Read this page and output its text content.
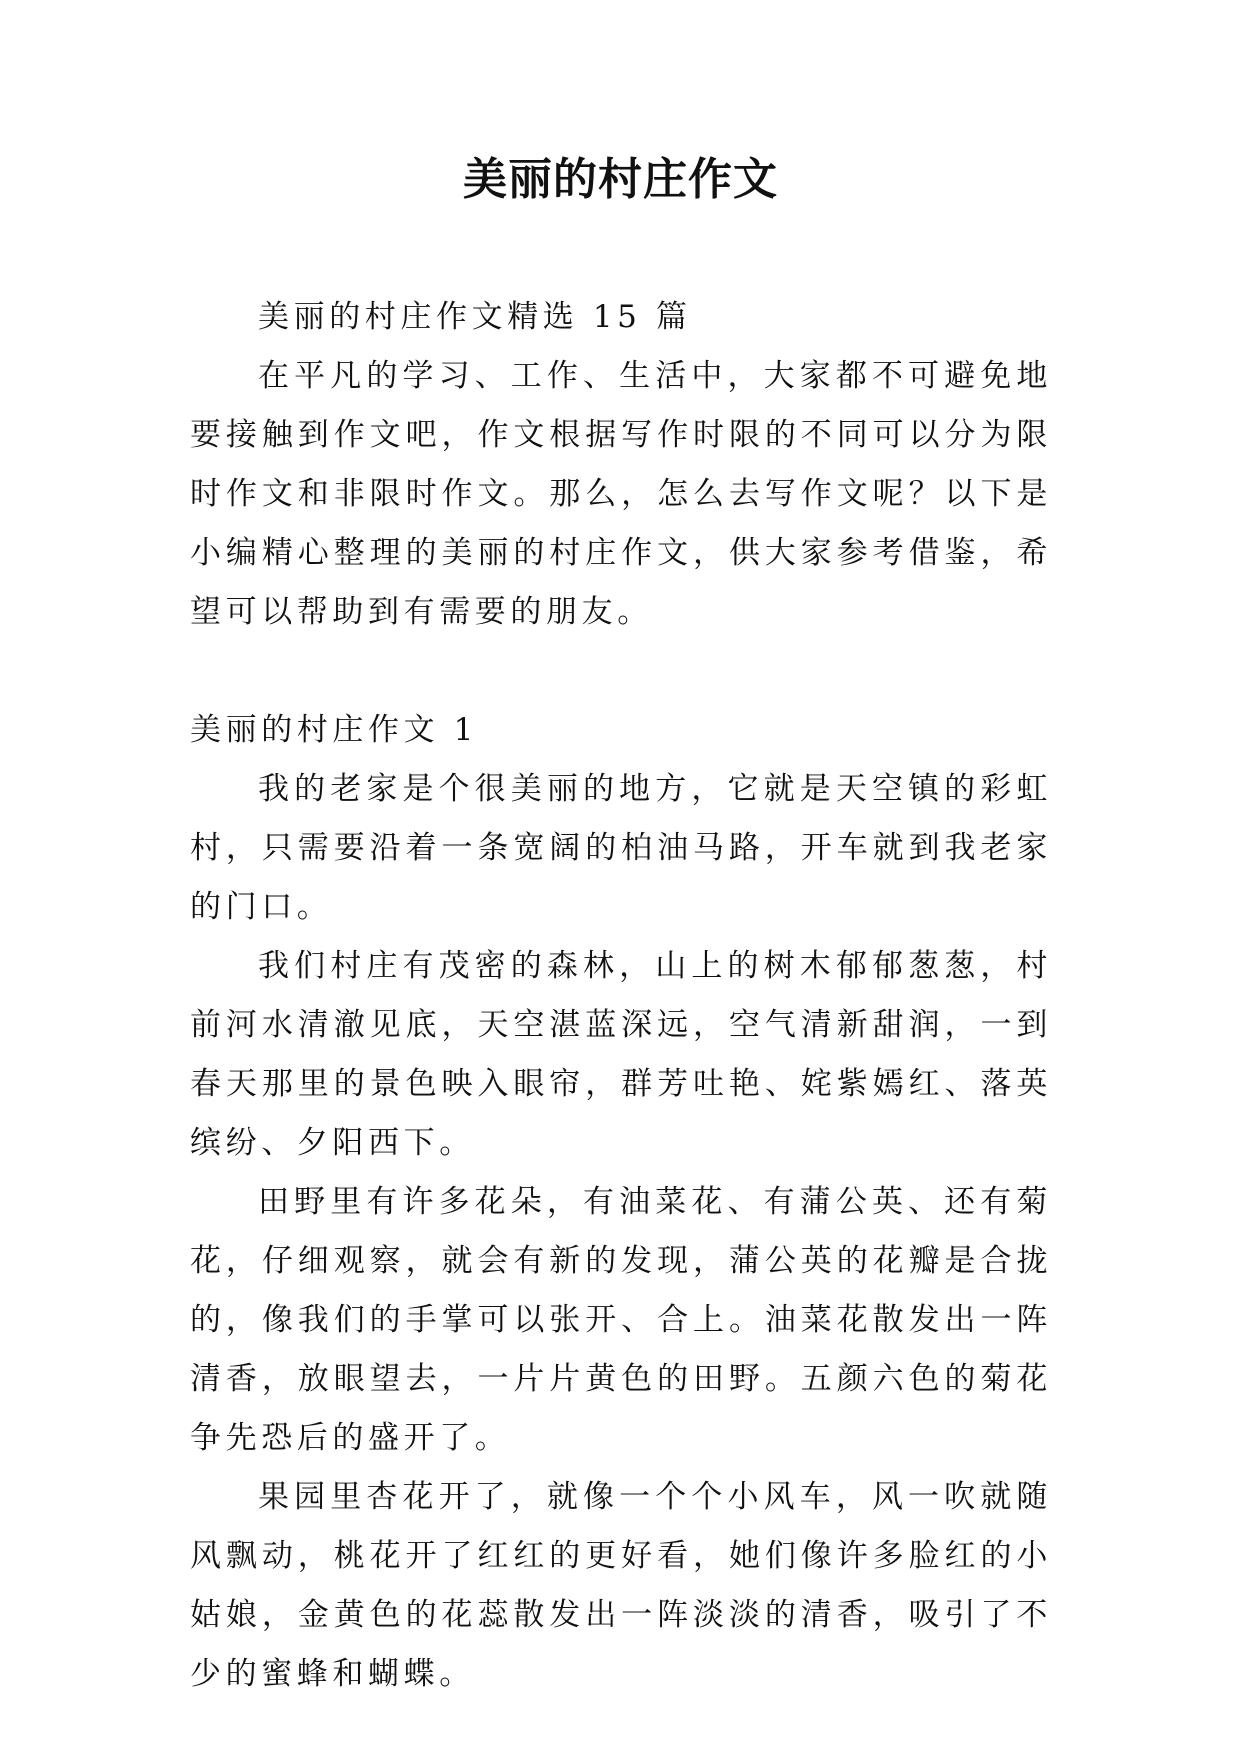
美丽的村庄作文

美丽的村庄作文精选 15 篇

在平凡的学习、工作、生活中，大家都不可避免地要接触到作文吧，作文根据写作时限的不同可以分为限时作文和非限时作文。那么，怎么去写作文呢？以下是小编精心整理的美丽的村庄作文，供大家参考借鉴，希望可以帮助到有需要的朋友。

美丽的村庄作文 1

我的老家是个很美丽的地方，它就是天空镇的彩虹村，只需要沿着一条宽阔的柏油马路，开车就到我老家的门口。

我们村庄有茂密的森林，山上的树木郁郁葱葱，村前河水清澈见底，天空湛蓝深远，空气清新甜润，一到春天那里的景色映入眼帘，群芳吐艳、姹紫嫣红、落英缤纷、夕阳西下。

田野里有许多花朵，有油菜花、有蒲公英、还有菊花，仔细观察，就会有新的发现，蒲公英的花瓣是合拢的，像我们的手掌可以张开、合上。油菜花散发出一阵清香，放眼望去，一片片黄色的田野。五颜六色的菊花争先恐后的盛开了。

果园里杏花开了，就像一个个小风车，风一吹就随风飘动，桃花开了红红的更好看，她们像许多脸红的小姑娘，金黄色的花蕊散发出一阵淡淡的清香，吸引了不少的蜜蜂和蝴蝶。
